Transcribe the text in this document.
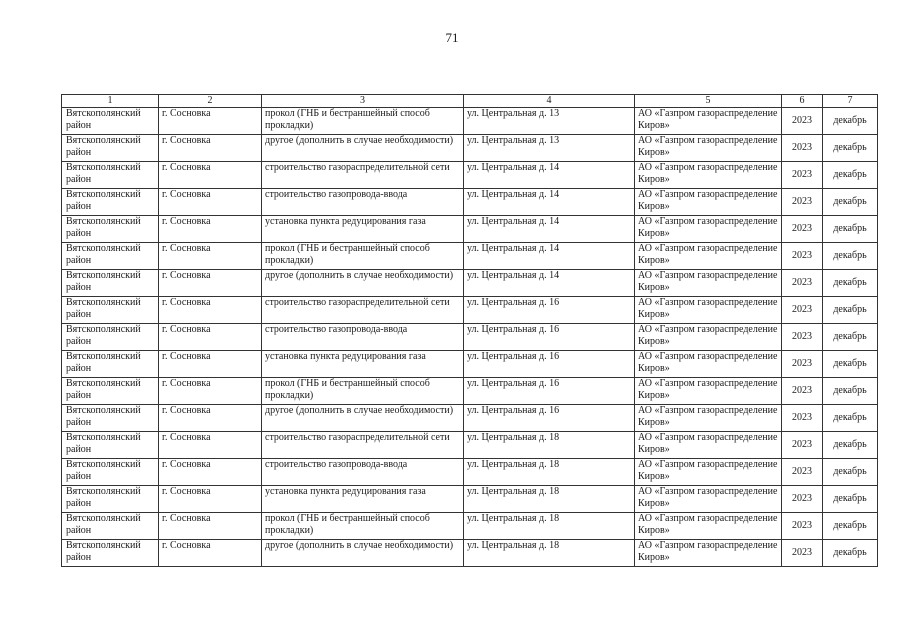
71
1	2	3	4	5	6	7
Вятскополянский район	г. Сосновка	прокол (ГНБ и бестраншейный способ прокладки)	ул. Центральная д. 13	АО «Газпром газораспределение Киров»	2023	декабрь
Вятскополянский район	г. Сосновка	другое (дополнить в случае необходимости)	ул. Центральная д. 13	АО «Газпром газораспределение Киров»	2023	декабрь
Вятскополянский район	г. Сосновка	строительство газораспределительной сети	ул. Центральная д. 14	АО «Газпром газораспределение Киров»	2023	декабрь
Вятскополянский район	г. Сосновка	строительство газопровода-ввода	ул. Центральная д. 14	АО «Газпром газораспределение Киров»	2023	декабрь
Вятскополянский район	г. Сосновка	установка пункта редуцирования газа	ул. Центральная д. 14	АО «Газпром газораспределение Киров»	2023	декабрь
Вятскополянский район	г. Сосновка	прокол (ГНБ и бестраншейный способ прокладки)	ул. Центральная д. 14	АО «Газпром газораспределение Киров»	2023	декабрь
Вятскополянский район	г. Сосновка	другое (дополнить в случае необходимости)	ул. Центральная д. 14	АО «Газпром газораспределение Киров»	2023	декабрь
Вятскополянский район	г. Сосновка	строительство газораспределительной сети	ул. Центральная д. 16	АО «Газпром газораспределение Киров»	2023	декабрь
Вятскополянский район	г. Сосновка	строительство газопровода-ввода	ул. Центральная д. 16	АО «Газпром газораспределение Киров»	2023	декабрь
Вятскополянский район	г. Сосновка	установка пункта редуцирования газа	ул. Центральная д. 16	АО «Газпром газораспределение Киров»	2023	декабрь
Вятскополянский район	г. Сосновка	прокол (ГНБ и бестраншейный способ прокладки)	ул. Центральная д. 16	АО «Газпром газораспределение Киров»	2023	декабрь
Вятскополянский район	г. Сосновка	другое (дополнить в случае необходимости)	ул. Центральная д. 16	АО «Газпром газораспределение Киров»	2023	декабрь
Вятскополянский район	г. Сосновка	строительство газораспределительной сети	ул. Центральная д. 18	АО «Газпром газораспределение Киров»	2023	декабрь
Вятскополянский район	г. Сосновка	строительство газопровода-ввода	ул. Центральная д. 18	АО «Газпром газораспределение Киров»	2023	декабрь
Вятскополянский район	г. Сосновка	установка пункта редуцирования газа	ул. Центральная д. 18	АО «Газпром газораспределение Киров»	2023	декабрь
Вятскополянский район	г. Сосновка	прокол (ГНБ и бестраншейный способ прокладки)	ул. Центральная д. 18	АО «Газпром газораспределение Киров»	2023	декабрь
Вятскополянский район	г. Сосновка	другое (дополнить в случае необходимости)	ул. Центральная д. 18	АО «Газпром газораспределение Киров»	2023	декабрь
